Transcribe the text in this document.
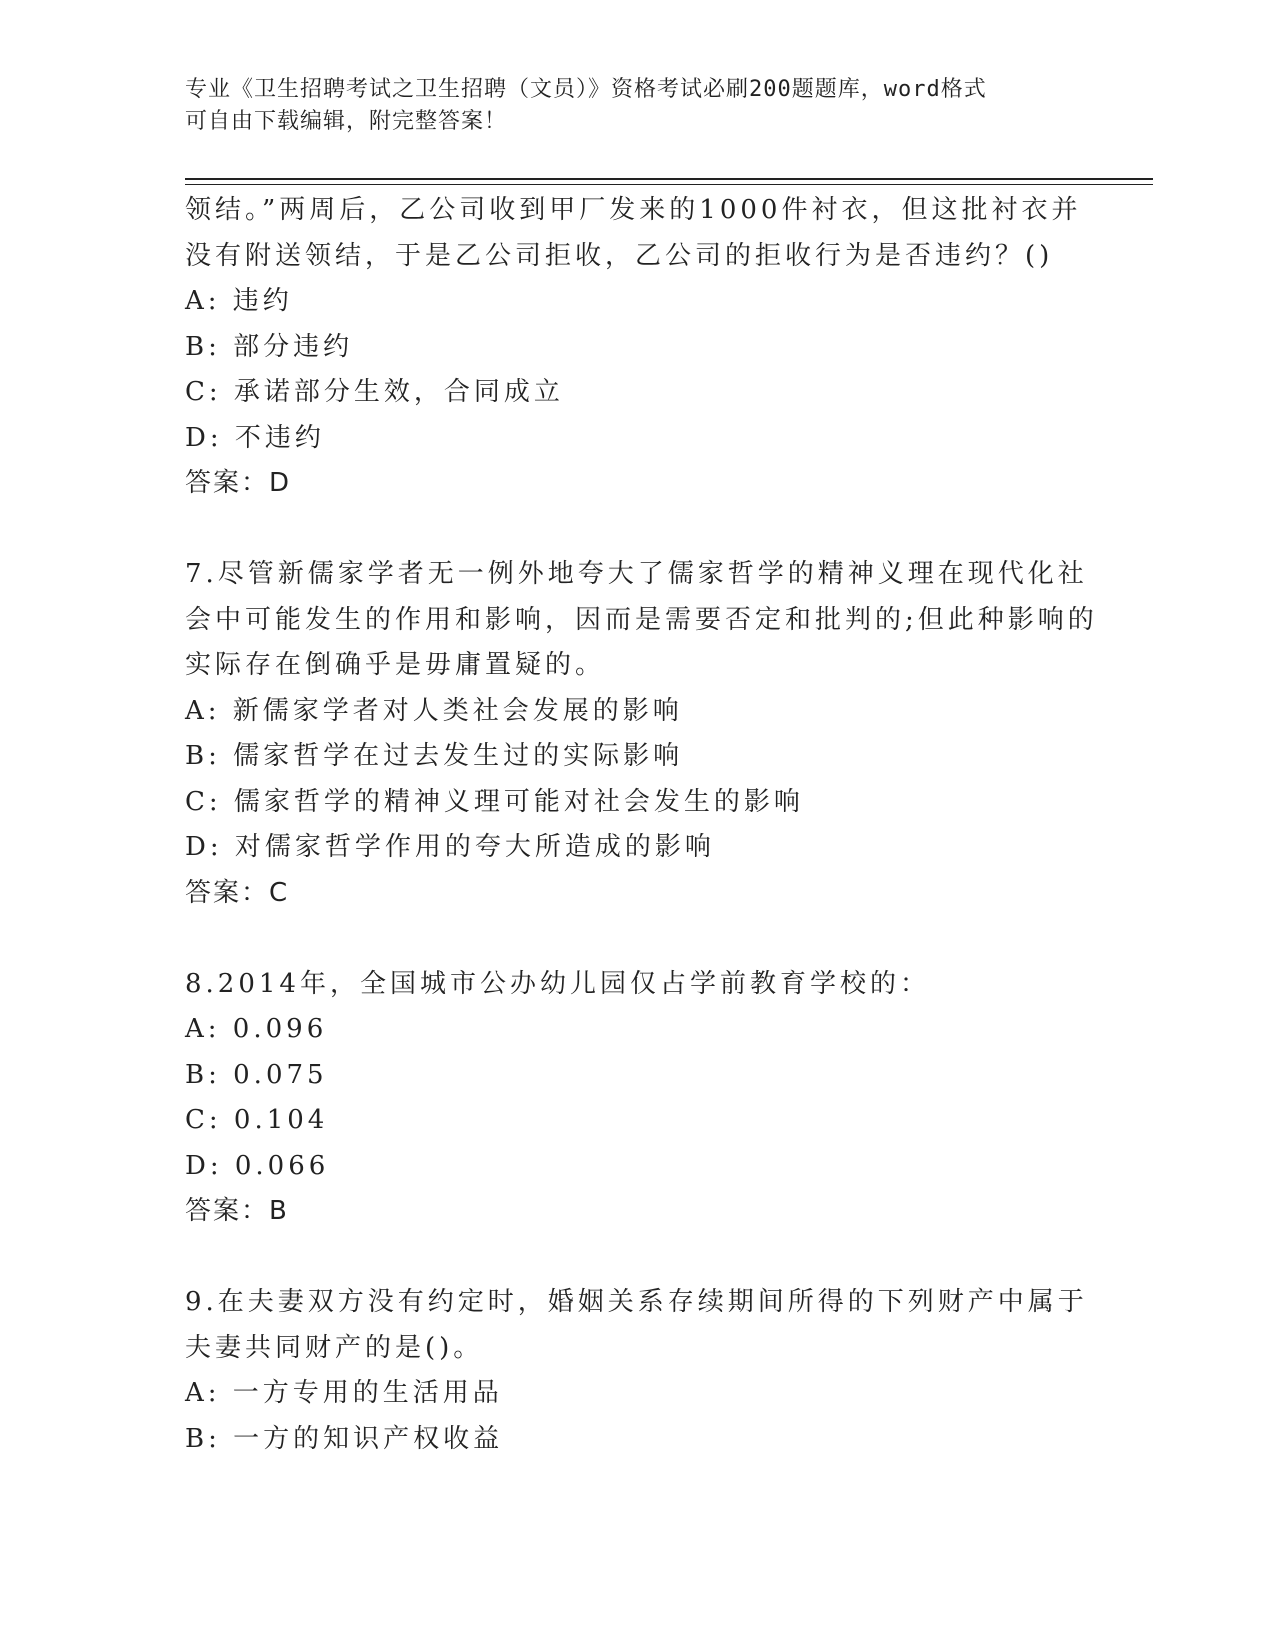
专业《卫生招聘考试之卫生招聘（文员）》资格考试必刷200题题库，word格式
可自由下载编辑，附完整答案！
领结。”两周后，乙公司收到甲厂发来的1000件衬衣，但这批衬衣并
没有附送领结，于是乙公司拒收，乙公司的拒收行为是否违约？()
A: 违约
B: 部分违约
C: 承诺部分生效，合同成立
D: 不违约
答案：D
7.尽管新儒家学者无一例外地夸大了儒家哲学的精神义理在现代化社
会中可能发生的作用和影响，因而是需要否定和批判的;但此种影响的
实际存在倒确乎是毋庸置疑的。
A: 新儒家学者对人类社会发展的影响
B: 儒家哲学在过去发生过的实际影响
C: 儒家哲学的精神义理可能对社会发生的影响
D: 对儒家哲学作用的夸大所造成的影响
答案：C
8.2014年，全国城市公办幼儿园仅占学前教育学校的：
A: 0.096
B: 0.075
C: 0.104
D: 0.066
答案：B
9.在夫妻双方没有约定时，婚姻关系存续期间所得的下列财产中属于
夫妻共同财产的是()。
A: 一方专用的生活用品
B: 一方的知识产权收益
